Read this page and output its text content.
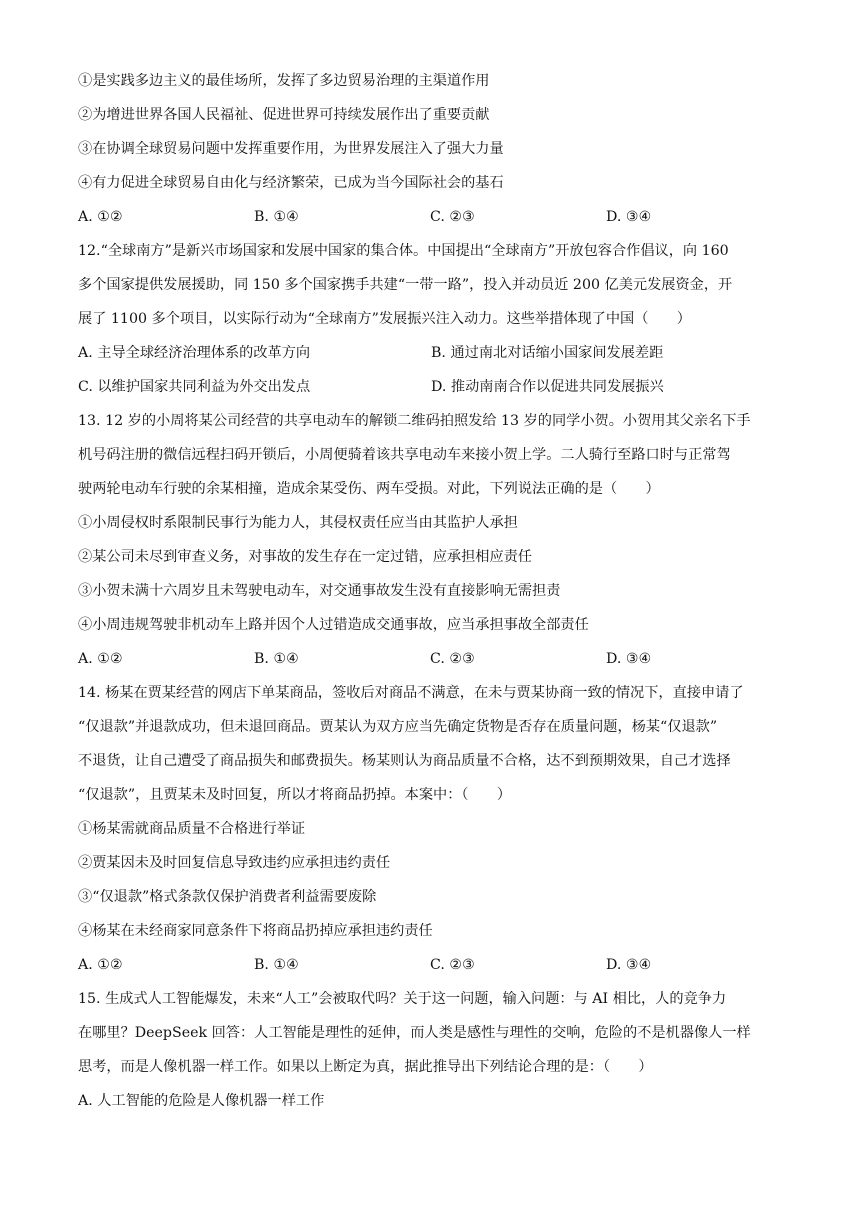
①是实践多边主义的最佳场所，发挥了多边贸易治理的主渠道作用
②为增进世界各国人民福祉、促进世界可持续发展作出了重要贡献
③在协调全球贸易问题中发挥重要作用，为世界发展注入了强大力量
④有力促进全球贸易自由化与经济繁荣，已成为当今国际社会的基石
A. ①②	B. ①④	C. ②③	D. ③④
12.“全球南方”是新兴市场国家和发展中国家的集合体。中国提出“全球南方”开放包容合作倡议，向 160
多个国家提供发展援助，同 150 多个国家携手共建“一带一路”，投入并动员近 200 亿美元发展资金，开
展了 1100 多个项目，以实际行动为“全球南方”发展振兴注入动力。这些举措体现了中国（　　）
A. 主导全球经济治理体系的改革方向	B. 通过南北对话缩小国家间发展差距
C. 以维护国家共同利益为外交出发点	D. 推动南南合作以促进共同发展振兴
13. 12 岁的小周将某公司经营的共享电动车的解锁二维码拍照发给 13 岁的同学小贺。小贺用其父亲名下手
机号码注册的微信远程扫码开锁后，小周便骑着该共享电动车来接小贺上学。二人骑行至路口时与正常驾
驶两轮电动车行驶的余某相撞，造成余某受伤、两车受损。对此，下列说法正确的是（　　）
①小周侵权时系限制民事行为能力人，其侵权责任应当由其监护人承担
②某公司未尽到审查义务，对事故的发生存在一定过错，应承担相应责任
③小贺未满十六周岁且未驾驶电动车，对交通事故发生没有直接影响无需担责
④小周违规驾驶非机动车上路并因个人过错造成交通事故，应当承担事故全部责任
A. ①②	B. ①④	C. ②③	D. ③④
14. 杨某在贾某经营的网店下单某商品，签收后对商品不满意，在未与贾某协商一致的情况下，直接申请了
“仅退款”并退款成功，但未退回商品。贾某认为双方应当先确定货物是否存在质量问题，杨某“仅退款”
不退货，让自己遭受了商品损失和邮费损失。杨某则认为商品质量不合格，达不到预期效果，自己才选择
“仅退款”，且贾某未及时回复，所以才将商品扔掉。本案中：（　　）
①杨某需就商品质量不合格进行举证
②贾某因未及时回复信息导致违约应承担违约责任
③“仅退款”格式条款仅保护消费者利益需要废除
④杨某在未经商家同意条件下将商品扔掉应承担违约责任
A. ①②	B. ①④	C. ②③	D. ③④
15. 生成式人工智能爆发，未来“人工”会被取代吗？关于这一问题，输入问题：与 AI 相比，人的竞争力
在哪里？DeepSeek 回答：人工智能是理性的延伸，而人类是感性与理性的交响，危险的不是机器像人一样
思考，而是人像机器一样工作。如果以上断定为真，据此推导出下列结论合理的是：（　　）
A. 人工智能的危险是人像机器一样工作
